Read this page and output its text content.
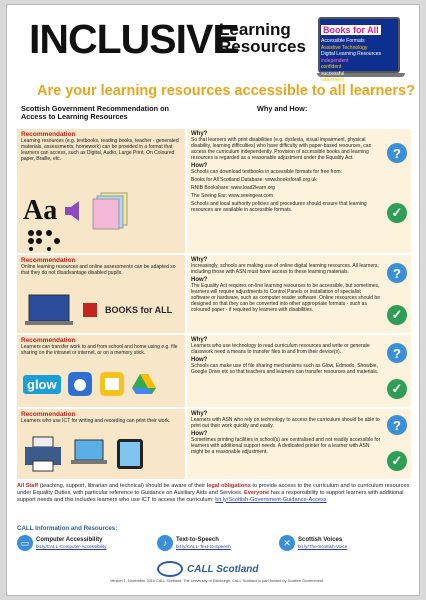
INCLUSIVE
Learning
Resources
Books for All
Accessible Formats
Assistive Technology
Digital Learning Resources
independent
confident
successful
attainment
Are your learning resources accessible to all learners?
Scottish Government Recommendation on Access to Learning Resources
Why and How:
Recommendation

Learning resources (e.g. textbooks, reading books, teacher - generated materials, assessments, homework) can be provided in a format that learners can access, such as Digital, Audio, Large Print, On Coloured paper, Braille, etc.

Aa
Why?

So that learners with print disabilities (e.g. dyslexia, visual impairment, physical disability, learning difficulties) who have difficulty with paper-based resources, can access the curriculum independently. Provision of accessible books and learning resources is regarded as a reasonable adjustment under the Equality Act.

How?

Schools can download textbooks in accessible formats for free from:

Books for All Scotland Database: www.booksforall.org.uk

RNIB Bookshare: www.load2learn.org

The Seeing Ear: www.seeingear.com

Schools and local authority policies and procedures should ensure that learning resources are available in accessible formats.

?
✓
Recommendation

Online learning resources and online assessments can be adapted so that they do not disadvantage disabled pupils.

BOOKS for ALL
Why?

Increasingly, schools are making use of online digital learning resources. All learners, including those with ASN must have access to these learning materials.

How?

The Equality Act requires on-line learning resources to be accessible, but sometimes, learners will require adjustments to Control Panels or installation of specialist software or hardware, such as computer reader software. Online resources should be designed so that they can be converted into other appropriate formats - such as coloured paper - if required by learners with disabilities.

?
✓
Recommendation

Learners can transfer work to and from school and home using e.g. file sharing on the intranet or internet, or on a memory stick.

glow
Why?

Learners who use technology to read curriculum resources and write or generate classwork need a means to transfer files to and from their device(s).

How?

Schools can make use of file sharing mechanisms such as Glow, Edmodo, Showbie, Google Drive etc so that teachers and learners can transfer resources and materials.

?
✓
Recommendation

Learners who use ICT for writing and recording can print their work.

Why?

Learners with ASN who rely on technology to access the curriculum should be able to print out their work quickly and easily.

How?

Sometimes printing facilities in school(s) are centralised and not readily accessible for learners with additional support needs. A dedicated printer for a learner with ASN might be a reasonable adjustment.

?
✓
All Staff (teaching, support, librarian and technical) should be aware of their legal obligations to provide access to the curriculum and to curriculum resources under Equality Duties, with particular reference to Guidance on Auxiliary Aids and Services. Everyone has a responsibility to support learners with additional support needs and this includes learners who use ICT to access the curriculum: bit.ly/Scottish-Government-Guidance-Access
CALL Information and Resources:
▭	Computer Accessibility
bit.ly/CALL-Computer-Accessibility	♪	Text-to-Speech
bit.ly/CALL-Text-to-Speech	✕	Scottish Voices
bit.ly/The-Scottish-Voice
CALL Scotland
Version 1, November 2016 CALL Scotland, The University of Edinburgh. CALL Scotland is part funded by Scottish Government.
